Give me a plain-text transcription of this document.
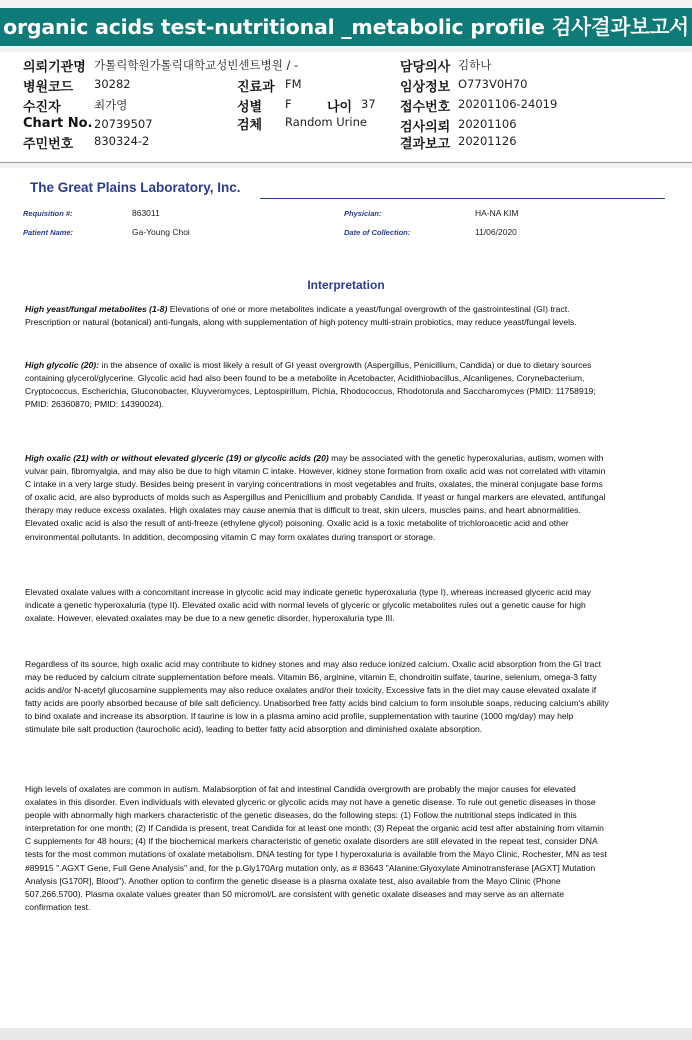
organic acids test-nutritional _metabolic profile 검사결과보고서
의뢰기관명 가톨릭학원가톨릭대학교성빈센트병원 / -	담당의사 김하나
병원코드 30282	진료과 FM	임상정보 O773V0H70
수진자	최가영	성별 F	나이 37 접수번호 20201106-24019
Chart No. 20739507	검체 Random Urine	검사의뢰 20201106
주민번호 830324-2	결과보고 20201126
The Great Plains Laboratory, Inc.
Requisition #:	863011	Physician:	HA-NA KIM
Patient Name:	Ga-Young Choi	Date of Collection:	11/06/2020
Interpretation

High yeast/fungal metabolites (1-8) Elevations of one or more metabolites indicate a yeast/fungal overgrowth of the gastrointestinal (GI) tract. Prescription or natural (botanical) anti-fungals, along with supplementation of high potency multi-strain probiotics, may reduce yeast/fungal levels.

High glycolic (20): in the absence of oxalic is most likely a result of GI yeast overgrowth (Aspergillus, Penicillium, Candida) or due to dietary sources containing glycerol/glycerine. Glycolic acid had also been found to be a metabolite in Acetobacter, Acidithiobacillus, Alcanligenes, Corynebacterium, Cryptococcus, Escherichia, Gluconobacter, Kluyveromyces, Leptospirillum, Pichia, Rhodococcus, Rhodotorula and Saccharomyces (PMID: 11758919; PMID: 26360870; PMID: 14390024).

High oxalic (21) with or without elevated glyceric (19) or glycolic acids (20) may be associated with the genetic hyperoxalurias, autism, women with vulvar pain, fibromyalgia, and may also be due to high vitamin C intake. However, kidney stone formation from oxalic acid was not correlated with vitamin C intake in a very large study. Besides being present in varying concentrations in most vegetables and fruits, oxalates, the mineral conjugate base forms of oxalic acid, are also byproducts of molds such as Aspergillus and Penicillium and probably Candida. If yeast or fungal markers are elevated, antifungal therapy may reduce excess oxalates. High oxalates may cause anemia that is difficult to treat, skin ulcers, muscles pains, and heart abnormalities. Elevated oxalic acid is also the result of anti-freeze (ethylene glycol) poisoning. Oxalic acid is a toxic metabolite of trichloroacetic acid and other environmental pollutants. In addition, decomposing vitamin C may form oxalates during transport or storage.

Elevated oxalate values with a concomitant increase in glycolic acid may indicate genetic hyperoxaluria (type I), whereas increased glyceric acid may indicate a genetic hyperoxaluria (type II). Elevated oxalic acid with normal levels of glyceric or glycolic metabolites rules out a genetic cause for high oxalate. However, elevated oxalates may be due to a new genetic disorder, hyperoxaluria type III.

Regardless of its source, high oxalic acid may contribute to kidney stones and may also reduce ionized calcium. Oxalic acid absorption from the GI tract may be reduced by calcium citrate supplementation before meals. Vitamin B6, arginine, vitamin E, chondroitin sulfate, taurine, selenium, omega-3 fatty acids and/or N-acetyl glucosamine supplements may also reduce oxalates and/or their toxicity. Excessive fats in the diet may cause elevated oxalate if fatty acids are poorly absorbed because of bile salt deficiency. Unabsorbed free fatty acids bind calcium to form insoluble soaps, reducing calcium's ability to bind oxalate and increase its absorption. If taurine is low in a plasma amino acid profile, supplementation with taurine (1000 mg/day) may help stimulate bile salt production (taurocholic acid), leading to better fatty acid absorption and diminished oxalate absorption.

High levels of oxalates are common in autism. Malabsorption of fat and intestinal Candida overgrowth are probably the major causes for elevated oxalates in this disorder. Even individuals with elevated glyceric or glycolic acids may not have a genetic disease. To rule out genetic diseases in those people with abnormally high markers characteristic of the genetic diseases, do the following steps: (1) Follow the nutritional steps indicated in this interpretation for one month; (2) If Candida is present, treat Candida for at least one month; (3) Repeat the organic acid test after abstaining from vitamin C supplements for 48 hours; (4) If the biochemical markers characteristic of genetic oxalate disorders are still elevated in the repeat test, consider DNA tests for the most common mutations of oxalate metabolism. DNA testing for type I hyperoxaluria is available from the Mayo Clinic, Rochester, MN as test #89915 ".AGXT Gene, Full Gene Analysis" and, for the p.Gly170Arg mutation only, as # 83643 "Alanine:Glyoxylate Aminotransferase [AGXT] Mutation Analysis [G170R], Blood"). Another option to confirm the genetic disease is a plasma oxalate test, also available from the Mayo Clinic (Phone 507.266.5700). Plasma oxalate values greater than 50 micromol/L are consistent with genetic oxalate diseases and may serve as an alternate confirmation test.
